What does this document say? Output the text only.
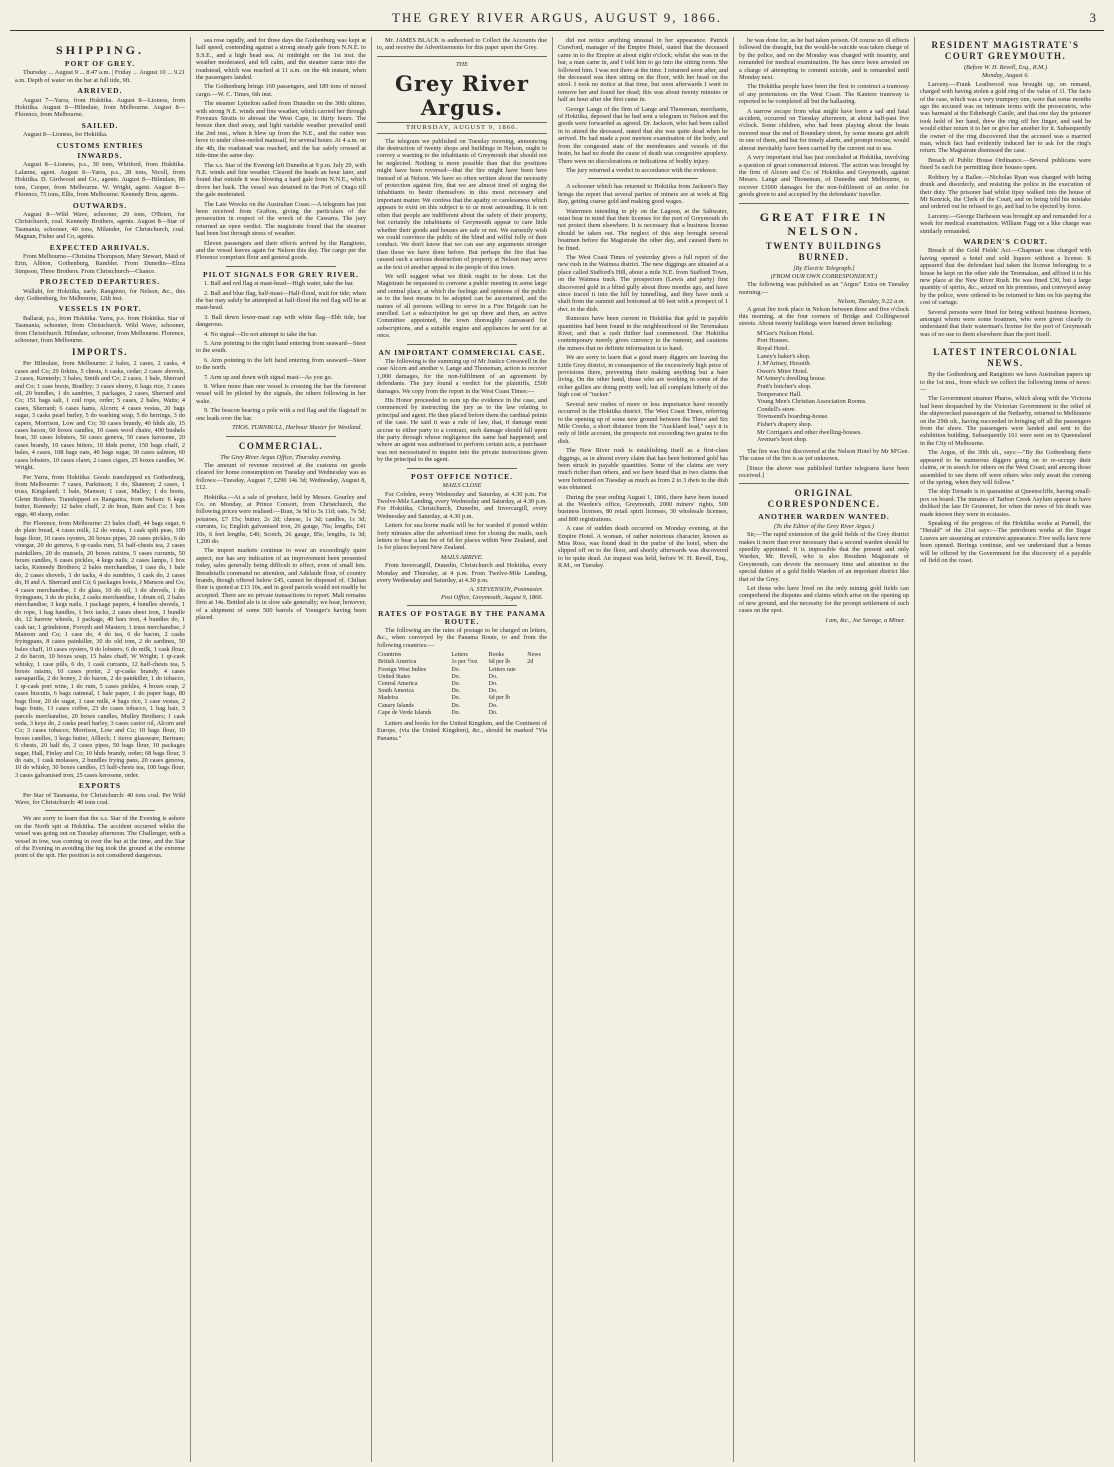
THE GREY RIVER ARGUS, AUGUST 9, 1866.	3
SHIPPING.
PORT OF GREY.

Thursday ... August 9 ... 8.47 a.m. | Friday ... August 10 ... 9.21 a.m. Depth of water on the bar at full tide, 9ft.

ARRIVED.

August 7—Yarra, from Hokitika. August 8—Lioness, from Hokitika. August 8—Hilmdaie, from Melbourne. August 8—Florence, from Melbourne.

SAILED.

August 8—Lioness, for Hokitika.

CUSTOMS ENTRIES
INWARDS.

August 8—Lioness, p.s., 30 tons, Whitford, from Hokitika. Lalanne, agent. August 8—Yarra, p.s., 28 tons, Nicoll, from Hokitika. D. Girdwood and Co., agents. August 8—Hilmdaie, 86 tons, Cooper, from Melbourne. W. Wright, agent. August 8—Florence, 75 tons, Ellis, from Melbourne. Kennedy Bros, agents.

OUTWARDS.

August 8—Wild Wave, schooner, 29 tons, O'Brien, for Christchurch, coal. Kennedy Brothers, agents. August 8—Star of Tasmania, schooner, 40 tons, Milander, for Christchurch, coal. Magnan, Fisher and Co, agents.

EXPECTED ARRIVALS.

From Melbourne—Christina Thompson, Mary Stewart, Maid of Erin, Albion, Gothenburg, Rambler. From Dunedin—Eliza Simpson, Three Brothers. From Christchurch—Chance.

PROJECTED DEPARTURES.

Wallabi, for Hokitika, early. Rangitoto, for Nelson, &c., this day. Gothenburg, for Melbourne, 12th inst.

VESSELS IN PORT.

Ballarat, p.s., from Hokitika. Yarra, p.s. from Hokitika. Star of Tasmania, schooner, from Christchurch. Wild Wave, schooner, from Christchurch. Hilmdaie, schooner, from Melbourne. Florence, schooner, from Melbourne.

IMPORTS.

Per Hilmdaie, from Melbourne: 2 bales, 2 cases, 2 casks, 4 cases and Co; 29 firkins, 5 chests, 6 casks, cedar; 2 cases shovels, 2 cases, Kennedy; 3 bales, Smith and Co; 2 cases, 1 bale, Sherrard and Co; 1 case boots, Bradley; 3 cases sherry, 6 bags rice, 3 cases oil, 20 bundles, 1 do sandries, 3 packages, 2 cases, Sherrard and Co; 151 bags salt, 1 coil rope, order; 5 cases, 2 bales, Watts; 4 cases, Sherrard; 6 cases hams, Alcorn; 4 cases vestas, 20 bags sugar, 3 casks pearl barley, 5 do washing soap, 5 do herrings, 3 do capers, Morrison, Low and Co; 50 cases brandy, 40 hhds ale, 15 cases bacon, 60 boxes candles, 10 cases wool chaire, 400 bushels bran, 30 cases lobsters, 50 cases geneva, 50 cases kerosene, 20 cases brandy, 10 cases bitters, 10 hhds porter, 150 bags chaff, 2 bales, 4 cases, 108 bags oats, 40 bags sugar, 30 cases salmon, 60 cases lobsters, 10 cases claret, 2 cases cigars, 25 boxes candles, W. Wright.

Per Yarra, from Hokitika: Goods transhipped ex Gothenburg, from Melbourne: 7 cases, Parkinson; 1 do, Shannon; 2 cases, 1 truss, Kingsland; 1 bale, Manson; 1 case, Malley; 1 do boots, Glenn Brothers. Transhipped ex Rangatira, from Nelson: 6 kegs butter, Kennedy; 12 bales chaff, 2 do bran, Bain and Co; 1 box eggs, 40 sheep, order.

Per Florence, from Melbourne: 23 bales chaff, 44 bags sugar, 6 do plain bread, 4 cases milk, 12 do vestas, 1 cask split peas, 100 bags flour, 10 cases oysters, 20 boxes pipes, 20 cases pickles, 6 do vinegar, 20 do geneva, 6 qr-casks rum, 51 half-chests tea, 2 cases painkillers, 20 do mussels, 20 boxes raisins, 5 cases currants, 50 boxes candles, 6 cases pickles, 4 kegs nails, 2 cases lamps, 1 box tacks, Kennedy Brothers; 2 bales merchandise, 1 case do, 1 bale do, 2 cases shovels, 1 do tacks, 4 do sundries, 1 cask do, 2 cases do, H and A. Sherrard and Co; 6 packages boots, J Manson and Co; 4 cases merchandise, 1 do glass, 10 do oil, 1 do shovels, 1 do fryingpans, 3 do do picks, 2 casks merchandise, 1 drum oil, 2 bales merchandise, 3 kegs nails, 1 package papers, 4 bundles shovels, 1 do rope, 1 bag handles, 1 box tacks, 2 cases sheet iron, 1 bundle do, 12 harrow wheels, 1 package, 40 bars iron, 4 bundles do, 1 cask tar, 1 grindstone, Forsyth and Masters; 1 truss merchandise, J Manson and Co; 1 case do, 4 do tea, 6 do bacon, 2 casks fryingpans, 8 cases painkiller, 30 do old tom, 2 do sardines, 50 bales chaff, 10 cases oysters, 9 do lobsters, 6 do milk, 1 cask flour, 2 do bacon, 10 boxes soap, 15 bales chaff, W Wright; 1 qr-cask whisky, 1 case pills, 6 do, 1 cask currants, 12 half-chests tea, 5 boxes raisins, 10 cases porter, 2 qr-casks brandy, 4 cases sarsaparilla, 2 do honey, 2 do bacon, 2 do painkiller, 1 do tobacco, 1 qr-cask port wine, 1 do rum, 5 cases pickles, 4 boxes soap, 2 cases biscuits, 6 bags oatmeal, 1 bale paper, 1 do paper bags, 80 bags flour, 20 do sugar, 1 case milk, 4 bags rice, 1 case vestas, 2 bags fruits, 13 cases coffee, 23 do cases tobacco, 1 bag hair, 3 parcels merchandise, 20 boxes candles, Mulley Brothers; 1 cask soda, 3 keys do, 2 casks pearl barley, 3 cases castor oil, Alcorn and Co; 3 cases tobacco, Morrison, Low and Co; 10 bags flour, 10 boxes candles, 3 kegs butter, Aflleck; 1 tierce glassware, Bertram; 6 chests, 20 half do, 2 cases pipes, 50 bags flour, 10 packages sugar, Hall, Finlay and Co; 10 hhds brandy, order; 68 bags flour, 3 do oats, 1 cask molasses, 2 bundles frying pans, 20 cases genova, 10 do whisky, 30 boxes candles, 15 half-chests tea, 100 bags flour, 3 cases galvanised iron, 25 cases kerosene, order.

EXPORTS

Per Star of Tasmania, for Christchurch: 40 tons coal. Per Wild Wave, for Christchurch: 40 tons coal.

We are sorry to learn that the s.s. Star of the Evening is ashore on the North spit at Hokitika. The accident occurred whilst the vessel was going out on Tuesday afternoon. The Challenger, with a vessel in tow, was coming in over the bar at the time, and the Star of the Evening in avoiding the tug took the ground at the extreme point of the spit. Her position is not considered dangerous.

sea rose rapidly, and for three days the Gothenburg was kept at half speed, contending against a strong steady gale from N.N.E. to S.S.E., and a high head sea. At midnight on the 1st inst. the weather moderated, and fell calm, and the steamer came into the roadstead, which was reached at 11 a.m. on the 4th instant, when the passengers landed.

The Gothenburg brings 160 passengers, and 189 tons of mixed cargo.—W. C. Times, 6th inst.

The steamer Lyttelton sailed from Dunedin on the 30th ultimo, with strong N.E. winds and fine weather, which carried her through Foveaux Straits to abreast the West Cape, in thirty hours. The breeze then died away, and light variable weather prevailed until the 2nd inst., when it blew up from the N.E., and the cutter was hove to under close-reefed mainsail, for several hours. At 4 a.m. on the 4th, the roadstead was reached, and the bar safely crossed at tide-time the same day.

The s.s. Star of the Evening left Dunedin at 9 p.m. July 29, with N.E. winds and fine weather. Cleared the heads an hour later, and found that outside it was blowing a hard gale from N.N.E., which drove her back. The vessel was detained in the Port of Otago till the gale moderated.

The Late Wrecks on the Australian Coast.—A telegram has just been received from Grafton, giving the particulars of the prosecution in respect of the wreck of the Cawarra. The jury returned an open verdict. The magistrate found that the steamer had been lost through stress of weather.

Eleven passengers and their effects arrived by the Rangitoto, and the vessel leaves again for Nelson this day. The cargo per the Florence comprises flour and general goods.

PILOT SIGNALS FOR GREY RIVER.

1. Ball and red flag at mast-head—High water, take the bar.

2. Ball and blue flag, half-mast—Half-flood, wait for tide; when the bar may safely be attempted at half-flood the red flag will be at mast-head.

3. Ball down lower-mast cap with white flag—Ebb tide, bar dangerous.

4. No signal—Do not attempt to take the bar.

5. Arm pointing to the right hand entering from seaward—Steer to the south.

6. Arm pointing to the left hand entering from seaward—Steer to the north.

7. Arm up and down with signal mast—As you go.

8. When more than one vessel is crossing the bar the foremost vessel will be piloted by the signals, the others following in her wake.

9. The beacon bearing a pole with a red flag and the flagstaff in one leads over the bar.

THOS. TURNBULL, Harbour Master for Westland.
COMMERCIAL.
The Grey River Argus Office, Thursday evening.

The amount of revenue received at the customs on goods cleared for home consumption on Tuesday and Wednesday was as follows:—Tuesday, August 7, £290 14s 3d; Wednesday, August 8, £12.

Hokitika.—At a sale of produce, held by Messrs. Gourley and Co. on Monday, at Prince Consort, from Christchurch, the following prices were realised:—Bran, 3s 9d to 3s 11d; oats, 7s 5d; potatoes, £7 15s; butter, 2s 2d; cheese, 1s 3d; candles, 1s 3d; currants, 1s; English galvanised iron, 26 gauge, 76s; lengths, £41 10s, 6 feet lengths, £40; Scotch, 26 gauge, 85s; lengths, 1s 3d; 1,200 do.

The import markets continue to wear an exceedingly quiet aspect, nor has any indication of an improvement been presented today, sales generally being difficult to effect, even of small lots. Breadstuffs command no attention, and Adelaide flour, of country brands, though offered below £45, cannot be disposed of. Chilian flour is quoted at £13 10s, and in good parcels would not readily be accepted. There are no private transactions to report. Malt remains firm at 14s. Bottled ale is in slow sale generally; we hear, however, of a shipment of some 500 barrels of Younger's having been placed.

Mr. JAMES BLACK is authorised to Collect the Accounts due to, and receive the Advertisements for this paper upon the Grey.

THE
Grey River Argus.
THURSDAY, AUGUST 9, 1866.

The telegram we published on Tuesday morning, announcing the destruction of twenty shops and buildings in Nelson, ought to convey a warning to the inhabitants of Greymouth that should not be neglected. Nothing is more possible than that the positions might have been reversed—that the fire might have been here instead of at Nelson. We have so often written about the necessity of protection against fire, that we are almost tired of urging the inhabitants to bestir themselves in this most necessary and important matter. We confess that the apathy or carelessness which appears to exist on this subject is to us most astounding. It is not often that people are indifferent about the safety of their property, but certainly the inhabitants of Greymouth appear to care little whether their goods and houses are safe or not. We earnestly wish we could convince the public of the blind and wilful folly of their conduct. We don't know that we can use any arguments stronger than those we have done before. But perhaps the fire that has caused such a serious destruction of property at Nelson may serve as the text of another appeal to the people of this town.

We will suggest what we think ought to be done. Let the Magistrate be requested to convene a public meeting in some large and central place, at which the feelings and opinions of the public as to the best means to be adopted can be ascertained, and the names of all persons willing to serve in a Fire Brigade can be enrolled. Let a subscription be got up there and then, an active Committee appointed, the town thoroughly canvassed for subscriptions, and a suitable engine and appliances be sent for at once.

AN IMPORTANT COMMERCIAL CASE.

The following is the summing up of Mr Justice Cresswell in the case Alcorn and another v. Lange and Thoneman, action to recover 1,000 damages, for the non-fulfilment of an agreement by defendants. The jury found a verdict for the plaintiffs, £500 damages. We copy from the report in the West Coast Times:—

His Honor proceeded to sum up the evidence in the case, and commenced by instructing the jury as to the law relating to principal and agent. He then placed before them the cardinal points of the case. He said it was a rule of law, that, if damage must accrue to either party to a contract, such damage should fall upon the party through whose negligence the same had happened; and where an agent was authorised to perform certain acts, a purchaser was not necessitated to inquire into the private instructions given by the principal to the agent.

POST OFFICE NOTICE.
MAILS CLOSE

For Cobden, every Wednesday and Saturday, at 4.30 p.m. For Twelve-Mile Landing, every Wednesday and Saturday, at 4.30 p.m. For Hokitika, Christchurch, Dunedin, and Invercargill, every Wednesday and Saturday, at 4.30 p.m.

Letters for sea borne mails will be for warded if posted within forty minutes after the advertised time for closing the mails, such letters to bear a late fee of 6d for places within New Zealand, and 1s for places beyond New Zealand.

MAILS ARRIVE.

From Invercargill, Dunedin, Christchurch and Hokitika, every Monday and Thursday, at 4 p.m. From Twelve-Mile Landing, every Wednesday and Saturday, at 4.30 p.m.

A. STEVENSON, Postmaster.
Post Office, Greymouth, August 9, 1866.
RATES OF POSTAGE BY THE PANAMA ROUTE.

The following are the rates of postage to be charged on letters, &c., when conveyed by the Panama Route, to and from the following countries:—

Countries	Letters	Books	News
British America	1s per ½oz	6d per lb	2d
Foreign West Indies	Do.	Letters rate	
United States	Do.	Do.	
Central America	Do.	Do.	
South America	Do.	Do.	
Madeira	Do.	6d per lb	
Canary Islands	Do.	Do.	
Cape de Verde Islands	Do.	Do.	

Letters and books for the United Kingdom, and the Continent of Europe, (via the United Kingdom), &c., should be marked "Via Panama."

did not notice anything unusual in her appearance. Patrick Crawford, manager of the Empire Hotel, stated that the deceased came in to the Empire at about eight o'clock; whilst she was in the bar, a man came in, and I told him to go into the sitting room. She followed him. I was not there at the time. I returned soon after, and the deceased was then sitting on the floor, with her head on the stool. I took no notice at that time, but soon afterwards I went to remove her and found her dead; this was about twenty minutes or half an hour after she first came in.

George Lange of the firm of Lange and Thoneman, merchants, of Hokitika, deposed that he had sent a telegram to Nelson and the goods were forwarded as agreed. Dr. Jackson, who had been called in to attend the deceased, stated that she was quite dead when he arrived. He had made a post mortem examination of the body, and from the congested state of the membranes and vessels of the brain, he had no doubt the cause of death was congestive apoplexy. There were no discolorations or indications of bodily injury.

The jury returned a verdict in accordance with the evidence.

A schooner which has returned to Hokitika from Jackson's Bay brings the report that several parties of miners are at work at Big Bay, getting coarse gold and making good wages.

Watermen intending to ply on the Lagoon, at the Saltwater, must bear in mind that their licenses for the port of Greymouth do not protect them elsewhere. It is necessary that a business license should be taken out. The neglect of this step brought several boatmen before the Magistrate the other day, and caused them to be fined.

The West Coast Times of yesterday gives a full report of the new rush in the Waimea district. The new diggings are situated at a place called Stafford's Hill, about a mile N.E. from Stafford Town, on the Waimea track. The prospectors (Lewis and party) first discovered gold in a blind gully about three months ago, and have since traced it into the hill by tunnelling, and they have sunk a shaft from the summit and bottomed at 60 feet with a prospect of 1 dwt. to the dish.

Rumours have been current in Hokitika that gold in payable quantities had been found in the neighbourhood of the Teremakau River, and that a rush thither had commenced. Our Hokitika contemporary merely gives currency to the rumour, and cautions the miners that no definite information is to hand.

We are sorry to learn that a good many diggers are leaving the Little Grey district, in consequence of the excessively high price of provisions there, preventing their making anything but a bare living. On the other hand, those who are working in some of the richer gullies are doing pretty well; but all complain bitterly of the high cost of "tucker."

Several new rushes of more or less importance have recently occurred in the Hokitika district. The West Coast Times, referring to the opening up of some new ground between the Three and Six Mile Creeks, a short distance from the "Auckland lead," says it is only of little account, the prospects not exceeding two grains to the dish.

The New River rush is establishing itself as a first-class diggings, as in almost every claim that has been bottomed gold has been struck in payable quantities. Some of the claims are very much richer than others, and we have heard that in two claims that were bottomed on Tuesday as much as from 2 to 3 dwts to the dish was obtained.

During the year ending August 1, 1866, there have been issued at the Warden's office, Greymouth, 2000 miners' rights, 500 business licenses, 80 retail spirit licenses, 30 wholesale licenses, and 800 registrations.

A case of sudden death occurred on Monday evening, at the Empire Hotel. A woman, of rather notorious character, known as Miss Ross, was found dead in the parlor of the hotel, when she slipped off on to the floor, and shortly afterwards was discovered to be quite dead. An inquest was held, before W. H. Revell, Esq., R.M., on Tuesday.

he was done for, as he had taken poison. Of course no ill effects followed the draught, but the would-be suicide was taken charge of by the police, and on the Monday was charged with insanity, and remanded for medical examination. He has since been arrested on a charge of attempting to commit suicide, and is remanded until Monday next.

The Hokitika people have been the first to construct a tramway of any pretensions on the West Coast. The Kaniere tramway is reported to be completed all but the ballasting.

A narrow escape from what might have been a sad and fatal accident, occurred on Tuesday afternoon, at about half-past five o'clock. Some children, who had been playing about the boats moored near the end of Boundary street, by some means got adrift in one of them, and but for timely alarm, and prompt rescue, would almost inevitably have been carried by the current out to sea.

A very important trial has just concluded at Hokitika, involving a question of great commercial interest. The action was brought by the firm of Alcorn and Co. of Hokitika and Greymouth, against Messrs. Lange and Thoneman, of Dunedin and Melbourne, to recover £1000 damages for the non-fulfilment of an order for goods given to and accepted by the defendants' traveller.

GREAT FIRE IN NELSON.
TWENTY BUILDINGS BURNED.
[By Electric Telegraph.]
(FROM OUR OWN CORRESPONDENT.)

The following was published as an "Argus" Extra on Tuesday morning:—

Nelson, Tuesday, 9.22 a.m.

A great fire took place in Nelson between three and five o'clock this morning, at the four corners of Bridge and Collingwood streets. About twenty buildings were burned down including:

M'Gee's Nelson Hotel.
Port Houses.
Royal Hotel.
Laney's baker's shop.
J. M'Artney, Hosuith.
Owen's Mitre Hotel.
M'Artney's dwelling house.
Pratt's butcher's shop.
Temperance Hall.
Young Men's Christian Association Rooms.
Condell's store.
Townsend's boarding-house.
Fisher's drapery shop.
Mr Corrigan's and other dwelling-houses.
Avenue's boot shop.

The fire was first discovered at the Nelson Hotel by Mr M'Gee. The cause of the fire is as yet unknown.

[Since the above was published further telegrams have been received.]

ORIGINAL CORRESPONDENCE.
ANOTHER WARDEN WANTED.
(To the Editor of the Grey River Argus.)

Sir,—The rapid extension of the gold fields of the Grey district makes it more than ever necessary that a second warden should be speedily appointed. It is impossible that the present and only Warden, Mr. Revell, who is also Resident Magistrate of Greymouth, can devote the necessary time and attention to the special duties of a gold fields Warden of an important district like that of the Grey.

Let those who have lived on the only mining gold fields can comprehend the disputes and claims which arise on the opening up of new ground, and the necessity for the prompt settlement of such cases on the spot.

I am, &c., Joe Savage, a Miner.
RESIDENT MAGISTRATE'S COURT GREYMOUTH.
(Before W. H. Revell, Esq., R.M.)
Monday, August 6.

Larceny.—Frank Leathwood was brought up, on remand, charged with having stolen a gold ring of the value of 1l. The facts of the case, which was a very trumpery one, were that some months ago the accused was on intimate terms with the prosecutrix, who was barmaid at the Edinburgh Castle, and that one day the prisoner took hold of her hand, drew the ring off her finger, and said he would either return it to her or give her another for it. Subsequently the owner of the ring discovered that the accused was a married man, which fact had evidently induced her to ask for the ring's return. The Magistrate dismissed the case.

Breach of Public House Ordinance.—Several publicans were fined 5s each for permitting their houses open.

Robbery by a Bailee.—Nicholas Ryan was charged with being drunk and disorderly, and resisting the police in the execution of their duty. The prisoner had whilst tipsy walked into the house of Mr Kenrick, the Clerk of the Court, and on being told his mistake and ordered out he refused to go, and had to be ejected by force.

Larceny.—George Darbeson was brought up and remanded for a week for medical examination. William Fagg on a like charge was similarly remanded.

WARDEN'S COURT.

Breach of the Gold Fields' Act.—Chapman was charged with having opened a hotel and sold liquors without a license. It appeared that the defendant had taken the license belonging to a house he kept on the other side the Teremakau, and affixed it to his new place at the New River Rush. He was fined £30, but a large quantity of spirits, &c., seized on his premises, and conveyed away by the police, were ordered to be returned to him on his paying the cost of cartage.

Several persons were fined for being without business licenses, amongst whom were some boatmen, who were given clearly to understand that their waterman's license for the port of Greymouth was of no use to them elsewhere than the port itself.

LATEST INTERCOLONIAL NEWS.

By the Gothenburg and Rangitoto we have Australian papers up to the 1st inst., from which we collect the following items of news:—

The Government steamer Pharos, which along with the Victoria had been despatched by the Victorian Government to the relief of the shipwrecked passengers of the Netherby, returned to Melbourne on the 29th ult., having succeeded in bringing off all the passengers from the shore. The passengers were landed and sent to the exhibition building. Subsequently 161 were sent on to Queensland in the City of Melbourne.

The Argus, of the 30th ult., says:—"By the Gothenburg there appeared to be numerous diggers going on to re-occupy their claims, or in search for others on the West Coast; and among those assembled to see them off were others who only await the coming of the spring, when they will follow."

The ship Tornado is in quarantine at Queenscliffe, having small-pox on board. The inmates of Tarbon Creek Asylum appear to have disliked the late Dr Grummet, for when the news of his death was made known they were in ecstasies.

Speaking of the progress of the Hokitika works at Parnell, the "Herald" of the 21st says:—The petroleum works at the Sugar Loaves are assuming an extensive appearance. Five wells have now been opened. Borings continue, and we understand that a bonus will be offered by the Government for the discovery of a payable oil field on the coast.
